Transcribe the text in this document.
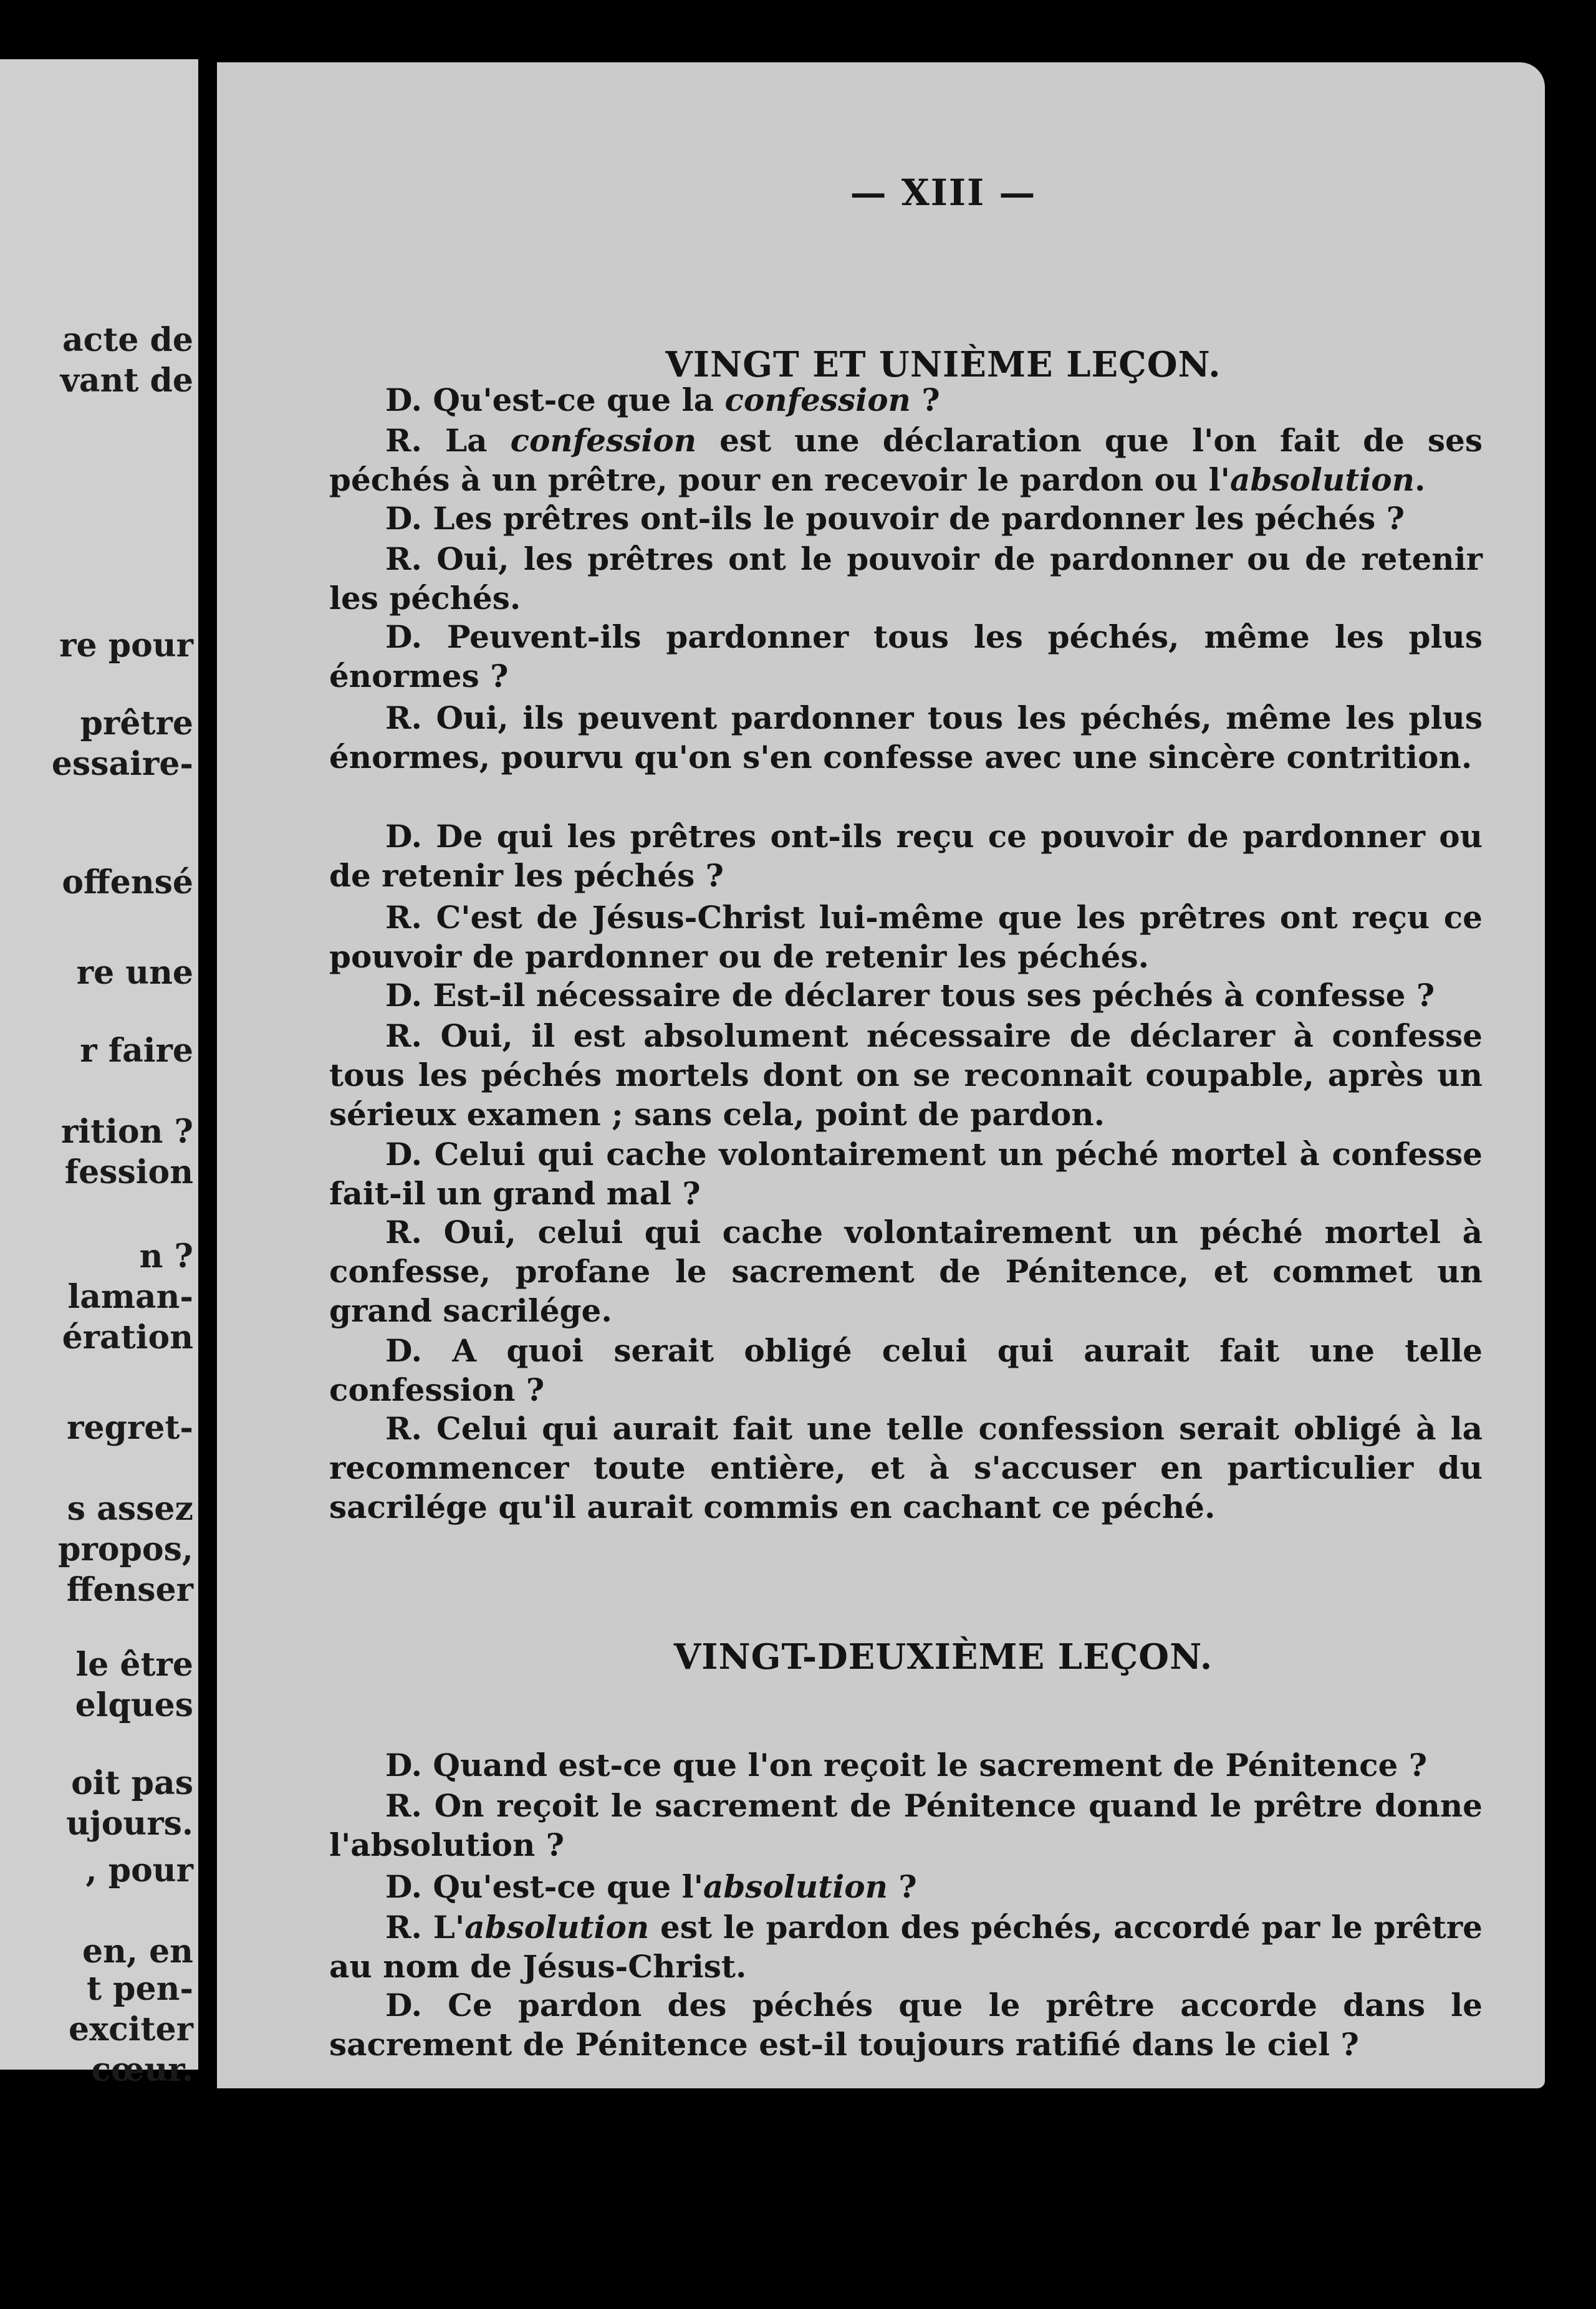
acte de
vant de
re pour
prêtre
essaire-
offensé
re une
r faire
rition ?
fession
n ?
laman-
ération
regret-
s assez
propos,
ffenser
le être
elques
oit pas
ujours.
, pour
en, en
t pen-
exciter
cœur.
— XIII —
VINGT ET UNIÈME LEÇON.

D. Qu'est-ce que la confession ?

R. La confession est une déclaration que l'on fait de ses péchés à un prêtre, pour en recevoir le pardon ou l'absolution.

D. Les prêtres ont-ils le pouvoir de pardonner les péchés ?

R. Oui, les prêtres ont le pouvoir de pardonner ou de retenir les péchés.

D. Peuvent-ils pardonner tous les péchés, même les plus énormes ?

R. Oui, ils peuvent pardonner tous les péchés, même les plus énormes, pourvu qu'on s'en confesse avec une sincère contrition.

D. De qui les prêtres ont-ils reçu ce pouvoir de pardonner ou de retenir les péchés ?

R. C'est de Jésus-Christ lui-même que les prêtres ont reçu ce pouvoir de pardonner ou de retenir les péchés.

D. Est-il nécessaire de déclarer tous ses péchés à confesse ?

R. Oui, il est absolument nécessaire de déclarer à confesse tous les péchés mortels dont on se reconnait coupable, après un sérieux examen ; sans cela, point de pardon.

D. Celui qui cache volontairement un péché mortel à confesse fait-il un grand mal ?

R. Oui, celui qui cache volontairement un péché mortel à confesse, profane le sacrement de Pénitence, et commet un grand sacrilége.

D. A quoi serait obligé celui qui aurait fait une telle confession ?

R. Celui qui aurait fait une telle confession serait obligé à la recommencer toute entière, et à s'accuser en particulier du sacrilége qu'il aurait commis en cachant ce péché.

VINGT-DEUXIÈME LEÇON.

D. Quand est-ce que l'on reçoit le sacrement de Pénitence ?

R. On reçoit le sacrement de Pénitence quand le prêtre donne l'absolution ?

D. Qu'est-ce que l'absolution ?

R. L'absolution est le pardon des péchés, accordé par le prêtre au nom de Jésus-Christ.

D. Ce pardon des péchés que le prêtre accorde dans le sacrement de Pénitence est-il toujours ratifié dans le ciel ?
